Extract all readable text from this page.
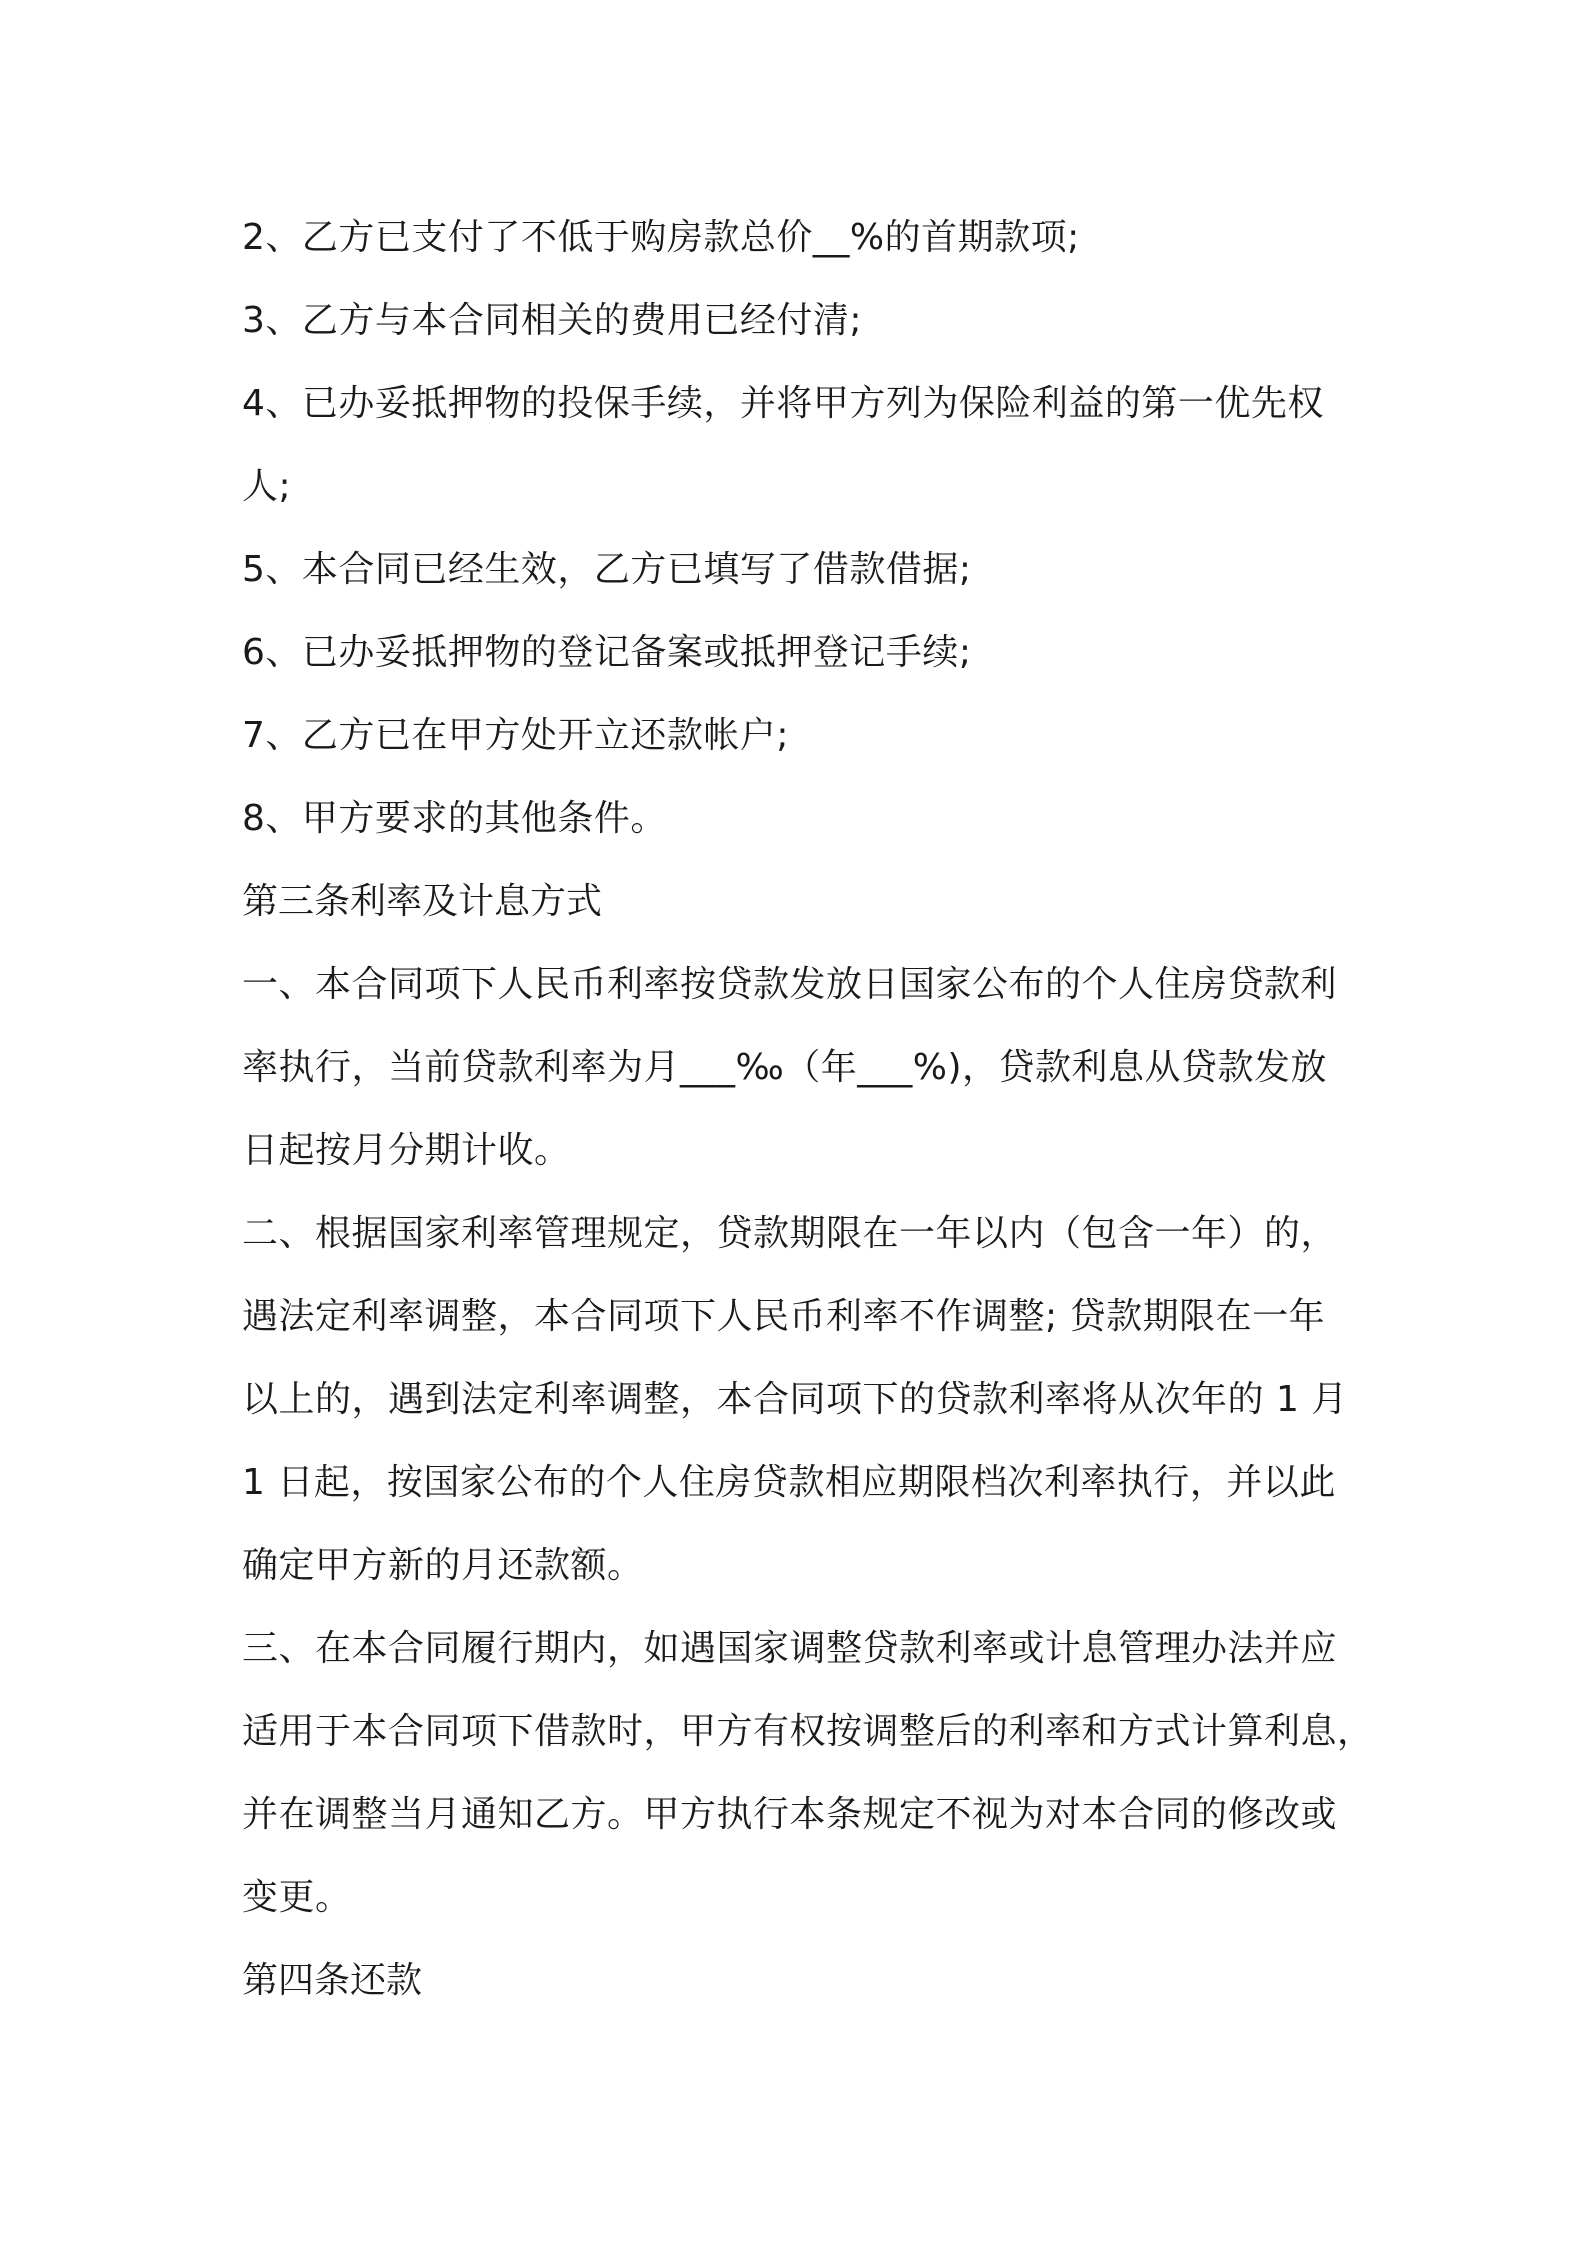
2、乙方已支付了不低于购房款总价__%的首期款项;
3、乙方与本合同相关的费用已经付清;
4、已办妥抵押物的投保手续，并将甲方列为保险利益的第一优先权
人;
5、本合同已经生效，乙方已填写了借款借据;
6、已办妥抵押物的登记备案或抵押登记手续;
7、乙方已在甲方处开立还款帐户;
8、甲方要求的其他条件。
第三条利率及计息方式
一、本合同项下人民币利率按贷款发放日国家公布的个人住房贷款利
率执行，当前贷款利率为月___‰（年___%)，贷款利息从贷款发放
日起按月分期计收。
二、根据国家利率管理规定，贷款期限在一年以内（包含一年）的，
遇法定利率调整，本合同项下人民币利率不作调整; 贷款期限在一年
以上的，遇到法定利率调整，本合同项下的贷款利率将从次年的 1 月
1 日起，按国家公布的个人住房贷款相应期限档次利率执行，并以此
确定甲方新的月还款额。
三、在本合同履行期内，如遇国家调整贷款利率或计息管理办法并应
适用于本合同项下借款时，甲方有权按调整后的利率和方式计算利息，
并在调整当月通知乙方。甲方执行本条规定不视为对本合同的修改或
变更。
第四条还款
